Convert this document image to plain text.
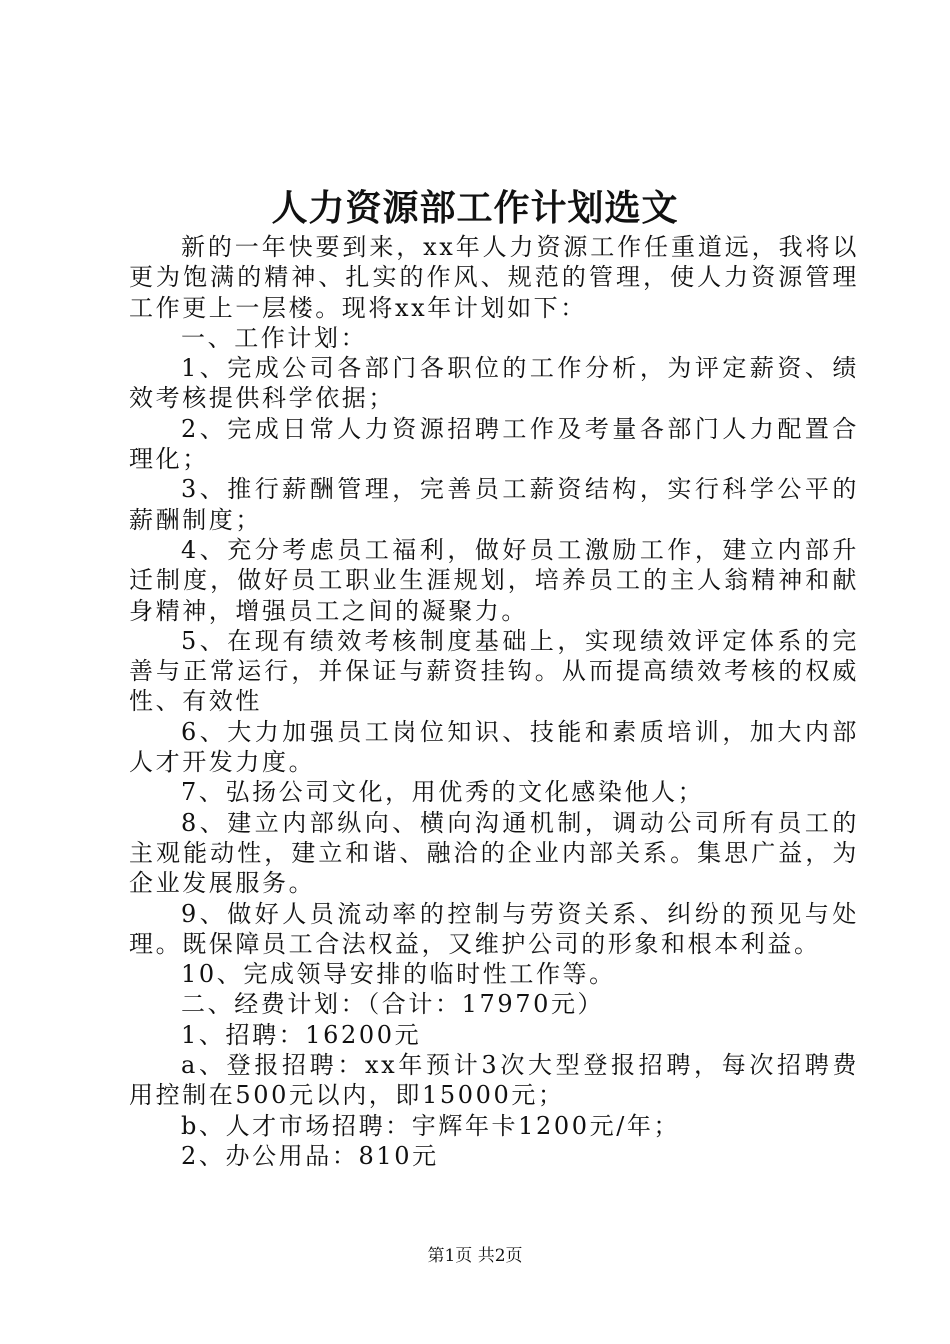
人力资源部工作计划选文

新的一年快要到来，xx年人力资源工作任重道远，我将以更为饱满的精神、扎实的作风、规范的管理，使人力资源管理工作更上一层楼。现将xx年计划如下：

一、工作计划：

1、完成公司各部门各职位的工作分析，为评定薪资、绩效考核提供科学依据；

2、完成日常人力资源招聘工作及考量各部门人力配置合理化；

3、推行薪酬管理，完善员工薪资结构，实行科学公平的薪酬制度；

4、充分考虑员工福利，做好员工激励工作，建立内部升迁制度，做好员工职业生涯规划，培养员工的主人翁精神和献身精神，增强员工之间的凝聚力。

5、在现有绩效考核制度基础上，实现绩效评定体系的完善与正常运行，并保证与薪资挂钩。从而提高绩效考核的权威性、有效性

6、大力加强员工岗位知识、技能和素质培训，加大内部人才开发力度。

7、弘扬公司文化，用优秀的文化感染他人；

8、建立内部纵向、横向沟通机制，调动公司所有员工的主观能动性，建立和谐、融洽的企业内部关系。集思广益，为企业发展服务。

9、做好人员流动率的控制与劳资关系、纠纷的预见与处理。既保障员工合法权益，又维护公司的形象和根本利益。

10、完成领导安排的临时性工作等。

二、经费计划：（合计：17970元）

1、招聘：16200元

a、登报招聘：xx年预计3次大型登报招聘，每次招聘费用控制在500元以内，即15000元；

b、人才市场招聘：宇辉年卡1200元/年；

2、办公用品：810元

第1页 共2页
